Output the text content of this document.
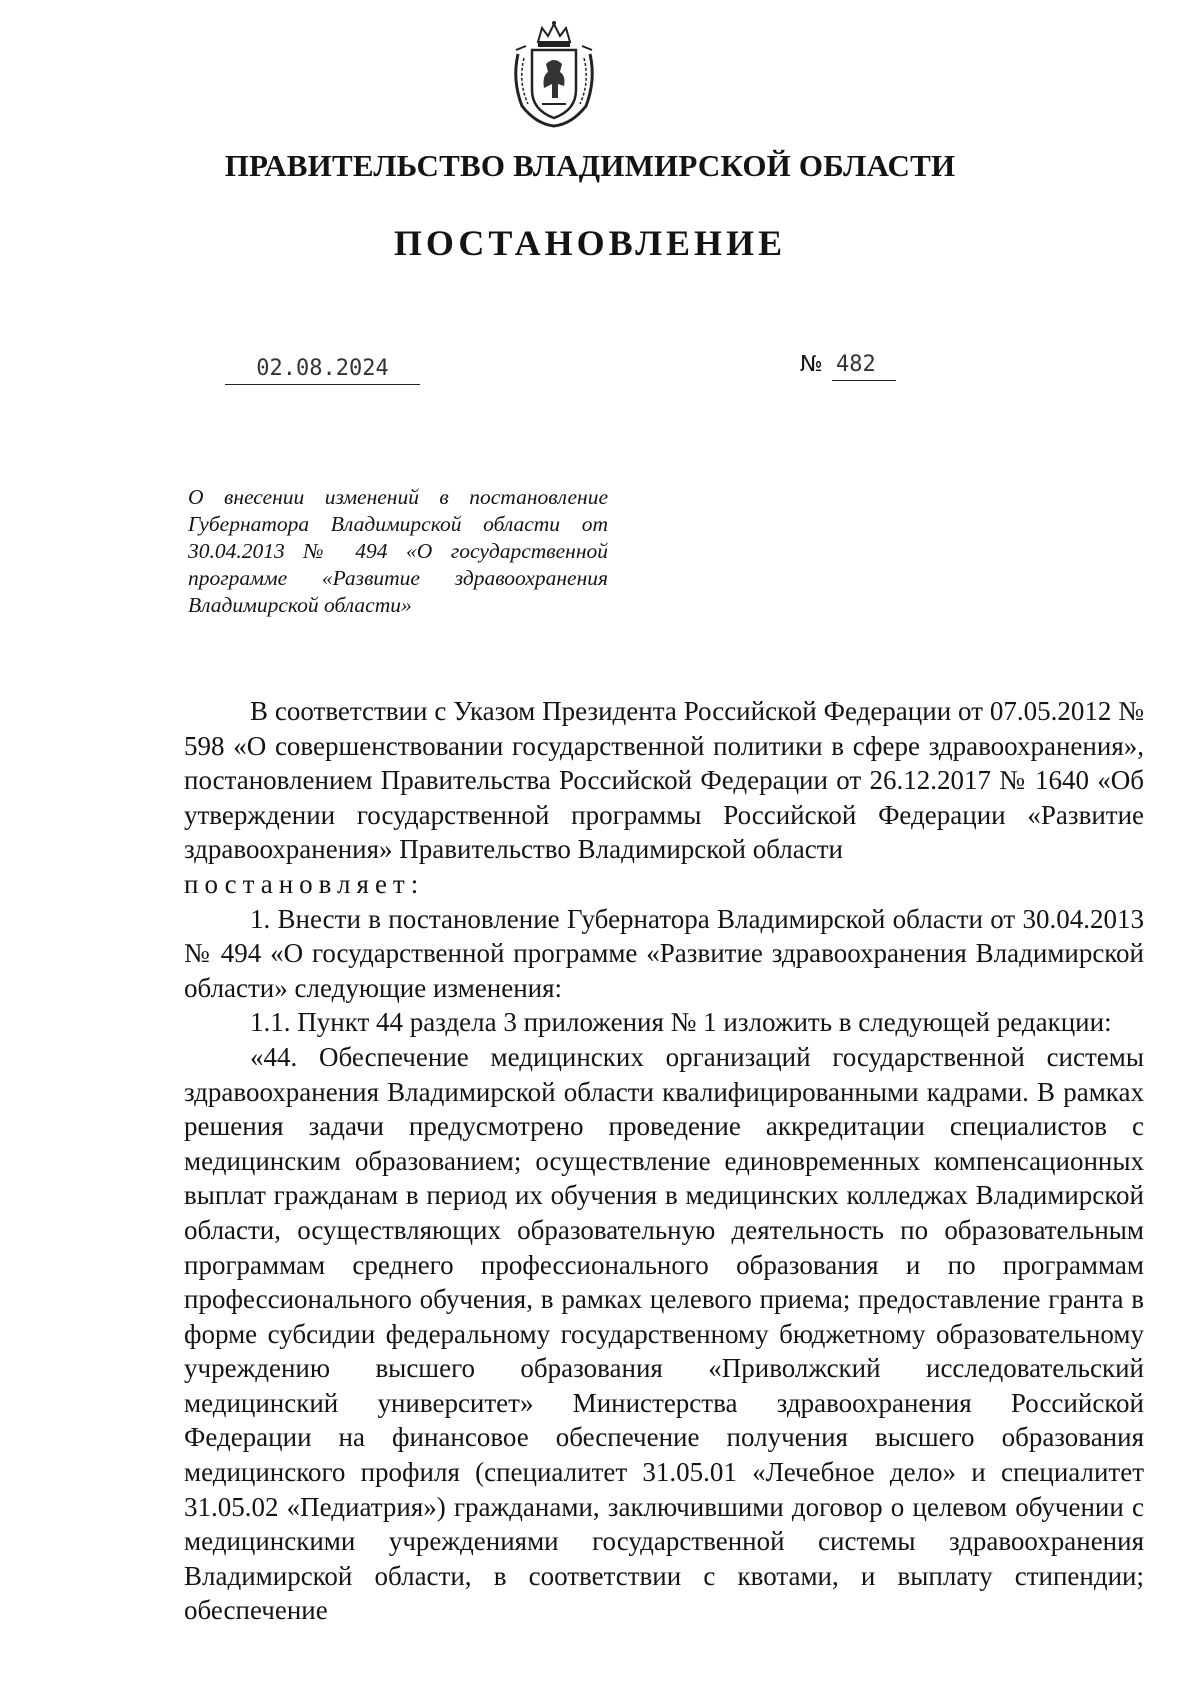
ПРАВИТЕЛЬСТВО ВЛАДИМИРСКОЙ ОБЛАСТИ
ПОСТАНОВЛЕНИЕ
02.08.2024	№ 482
О внесении изменений в постановление Губернатора Владимирской области от 30.04.2013 № 494 «О государственной программе «Развитие здравоохранения Владимирской области»

В соответствии с Указом Президента Российской Федерации от 07.05.2012 № 598 «О совершенствовании государственной политики в сфере здравоохранения», постановлением Правительства Российской Федерации от 26.12.2017 № 1640 «Об утверждении государственной программы Российской Федерации «Развитие здравоохранения» Правительство Владимирской области

постановляет:

1. Внести в постановление Губернатора Владимирской области от 30.04.2013 № 494 «О государственной программе «Развитие здравоохранения Владимирской области» следующие изменения:

1.1. Пункт 44 раздела 3 приложения № 1 изложить в следующей редакции:

«44. Обеспечение медицинских организаций государственной системы здравоохранения Владимирской области квалифицированными кадрами. В рамках решения задачи предусмотрено проведение аккредитации специалистов с медицинским образованием; осуществление единовременных компенсационных выплат гражданам в период их обучения в медицинских колледжах Владимирской области, осуществляющих образовательную деятельность по образовательным программам среднего профессионального образования и по программам профессионального обучения, в рамках целевого приема; предоставление гранта в форме субсидии федеральному государственному бюджетному образовательному учреждению высшего образования «Приволжский исследовательский медицинский университет» Министерства здравоохранения Российской Федерации на финансовое обеспечение получения высшего образования медицинского профиля (специалитет 31.05.01 «Лечебное дело» и специалитет 31.05.02 «Педиатрия») гражданами, заключившими договор о целевом обучении с медицинскими учреждениями государственной системы здравоохранения Владимирской области, в соответствии с квотами, и выплату стипендии; обеспечение
